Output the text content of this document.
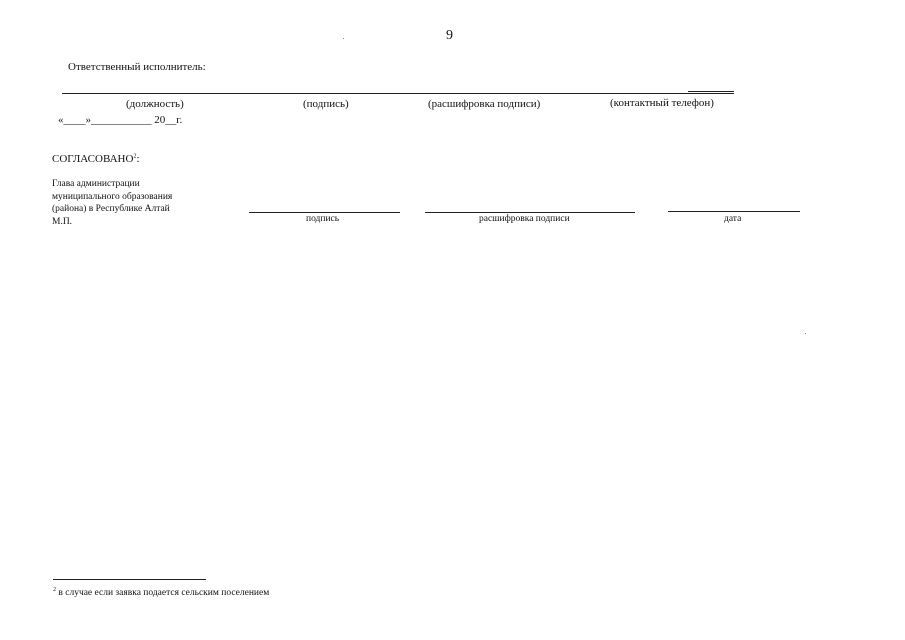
9
Ответственный исполнитель:
(должность)	(подпись)	(расшифровка подписи)	(контактный телефон)
«____»___________ 20__г.
СОГЛАСОВАНО$^2$:
Глава администрации
муниципального образования
(района) в Республике Алтай
М.П.	подпись	расшифровка подписи	дата
$^2$ в случае если заявка подается сельским поселением
